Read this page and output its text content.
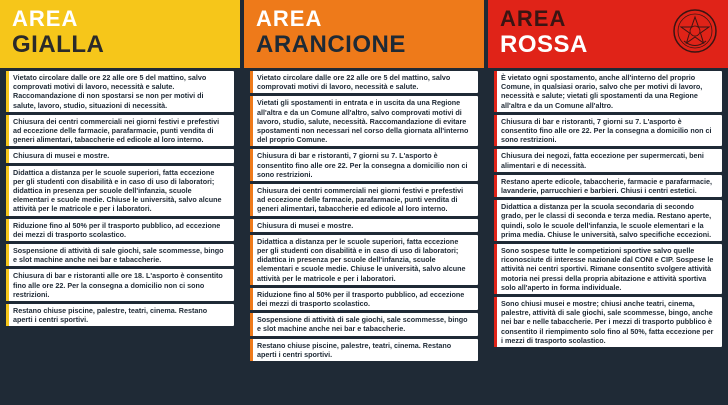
AREA
GIALLA

Vietato circolare dalle ore 22 alle ore 5 del mattino, salvo comprovati motivi di lavoro, necessità e salute. Raccomandazione di non spostarsi se non per motivi di salute, lavoro, studio, situazioni di necessità.

Chiusura dei centri commerciali nei giorni festivi e prefestivi ad eccezione delle farmacie, parafarmacie, punti vendita di generi alimentari, tabaccherie ed edicole al loro interno.

Chiusura di musei e mostre.

Didattica a distanza per le scuole superiori, fatta eccezione per gli studenti con disabilità e in caso di uso di laboratori; didattica in presenza per scuole dell'infanzia, scuole elementari e scuole medie. Chiuse le università, salvo alcune attività per le matricole e per i laboratori.

Riduzione fino al 50% per il trasporto pubblico, ad eccezione dei mezzi di trasporto scolastico.

Sospensione di attività di sale giochi, sale scommesse, bingo e slot machine anche nei bar e tabaccherie.

Chiusura di bar e ristoranti alle ore 18. L'asporto è consentito fino alle ore 22. Per la consegna a domicilio non ci sono restrizioni.

Restano chiuse piscine, palestre, teatri, cinema. Restano aperti i centri sportivi.

AREA
ARANCIONE

Vietato circolare dalle ore 22 alle ore 5 del mattino, salvo comprovati motivi di lavoro, necessità e salute.

Vietati gli spostamenti in entrata e in uscita da una Regione all'altra e da un Comune all'altro, salvo comprovati motivi di lavoro, studio, salute, necessità. Raccomandazione di evitare spostamenti non necessari nel corso della giornata all'interno del proprio Comune.

Chiusura di bar e ristoranti, 7 giorni su 7. L'asporto è consentito fino alle ore 22. Per la consegna a domicilio non ci sono restrizioni.

Chiusura dei centri commerciali nei giorni festivi e prefestivi ad eccezione delle farmacie, parafarmacie, punti vendita di generi alimentari, tabaccherie ed edicole al loro interno.

Chiusura di musei e mostre.

Didattica a distanza per le scuole superiori, fatta eccezione per gli studenti con disabilità e in caso di uso di laboratori; didattica in presenza per scuole dell'infanzia, scuole elementari e scuole medie. Chiuse le università, salvo alcune attività per le matricole e per i laboratori.

Riduzione fino al 50% per il trasporto pubblico, ad eccezione dei mezzi di trasporto scolastico.

Sospensione di attività di sale giochi, sale scommesse, bingo e slot machine anche nei bar e tabaccherie.

Restano chiuse piscine, palestre, teatri, cinema. Restano aperti i centri sportivi.

AREA
ROSSA

È vietato ogni spostamento, anche all'interno del proprio Comune, in qualsiasi orario, salvo che per motivi di lavoro, necessità e salute; vietati gli spostamenti da una Regione all'altra e da un Comune all'altro.

Chiusura di bar e ristoranti, 7 giorni su 7. L'asporto è consentito fino alle ore 22. Per la consegna a domicilio non ci sono restrizioni.

Chiusura dei negozi, fatta eccezione per supermercati, beni alimentari e di necessità.

Restano aperte edicole, tabaccherie, farmacie e parafarmacie, lavanderie, parrucchieri e barbieri. Chiusi i centri estetici.

Didattica a distanza per la scuola secondaria di secondo grado, per le classi di seconda e terza media. Restano aperte, quindi, solo le scuole dell'infanzia, le scuole elementari e la prima media. Chiuse le università, salvo specifiche eccezioni.

Sono sospese tutte le competizioni sportive salvo quelle riconosciute di interesse nazionale dal CONI e CIP. Sospese le attività nei centri sportivi. Rimane consentito svolgere attività motoria nei pressi della propria abitazione e attività sportiva solo all'aperto in forma individuale.

Sono chiusi musei e mostre; chiusi anche teatri, cinema, palestre, attività di sale giochi, sale scommesse, bingo, anche nei bar e nelle tabaccherie. Per i mezzi di trasporto pubblico è consentito il riempimento solo fino al 50%, fatta eccezione per i mezzi di trasporto scolastico.
